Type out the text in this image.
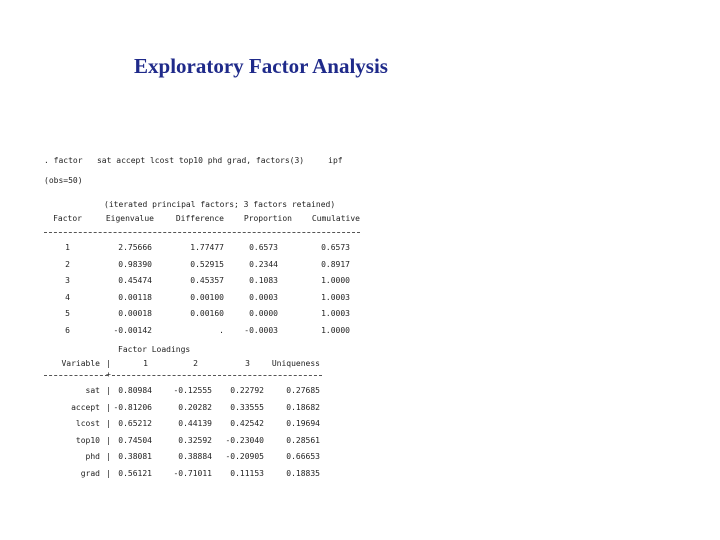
Exploratory Factor Analysis
. factor   sat accept lcost top10 phd grad, factors(3)     ipf
(obs=50)
(iterated principal factors; 3 factors retained)
Factor	Eigenvalue	Difference	Proportion	Cumulative
1	2.75666	1.77477	0.6573	0.6573
2	0.98390	0.52915	0.2344	0.8917
3	0.45474	0.45357	0.1083	1.0000
4	0.00118	0.00100	0.0003	1.0003
5	0.00018	0.00160	0.0000	1.0003
6	-0.00142	.	-0.0003	1.0000
Factor Loadings
Variable |	1	2	3	Uniqueness
+
sat	0.80984	-0.12555	0.22792	0.27685
|
accept -0.81206	0.20282	0.33555	0.18682
|
lcost	0.65212	0.44139	0.42542	0.19694
|
top10	0.74504	0.32592	-0.23040	0.28561
|
phd	0.38081	0.38884	-0.20905	0.66653
|
grad	0.56121	-0.71011	0.11153	0.18835
|
